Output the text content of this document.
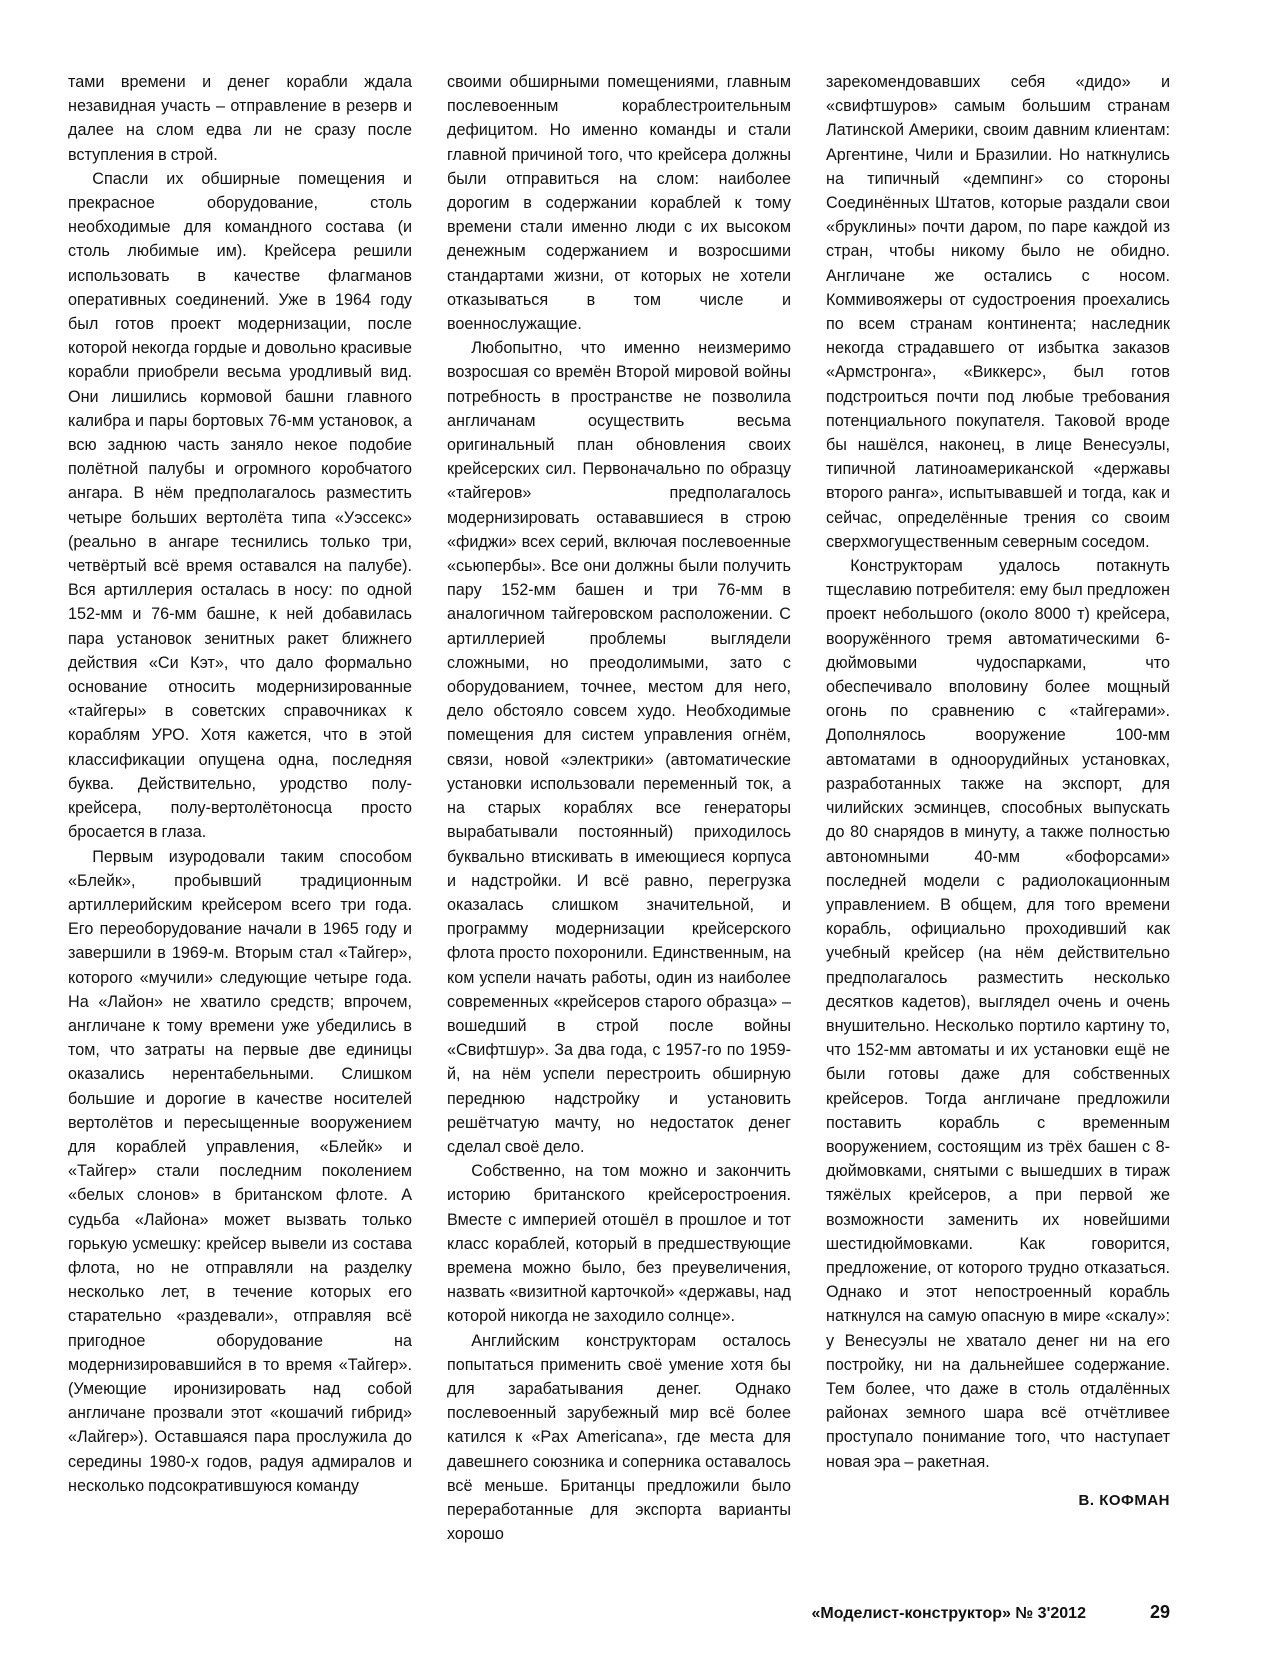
тами времени и денег корабли ждала незавидная участь – отправление в резерв и далее на слом едва ли не сразу после вступления в строй.

Спасли их обширные помещения и прекрасное оборудование, столь необходимые для командного состава (и столь любимые им). Крейсера решили использовать в качестве флагманов оперативных соединений. Уже в 1964 году был готов проект модернизации, после которой некогда гордые и довольно красивые корабли приобрели весьма уродливый вид. Они лишились кормовой башни главного калибра и пары бортовых 76-мм установок, а всю заднюю часть заняло некое подобие полётной палубы и огромного коробчатого ангара. В нём предполагалось разместить четыре больших вертолёта типа «Уэссекс» (реально в ангаре теснились только три, четвёртый всё время оставался на палубе). Вся артиллерия осталась в носу: по одной 152-мм и 76-мм башне, к ней добавилась пара установок зенитных ракет ближнего действия «Си Кэт», что дало формально основание относить модернизированные «тайгеры» в советских справочниках к кораблям УРО. Хотя кажется, что в этой классификации опущена одна, последняя буква. Действительно, уродство полу-крейсера, полу-вертолётоносца просто бросается в глаза.

Первым изуродовали таким способом «Блейк», пробывший традиционным артиллерийским крейсером всего три года. Его переоборудование начали в 1965 году и завершили в 1969-м. Вторым стал «Тайгер», которого «мучили» следующие четыре года. На «Лайон» не хватило средств; впрочем, англичане к тому времени уже убедились в том, что затраты на первые две единицы оказались нерентабельными. Слишком большие и дорогие в качестве носителей вертолётов и пересыщенные вооружением для кораблей управления, «Блейк» и «Тайгер» стали последним поколением «белых слонов» в британском флоте. А судьба «Лайона» может вызвать только горькую усмешку: крейсер вывели из состава флота, но не отправляли на разделку несколько лет, в течение которых его старательно «раздевали», отправляя всё пригодное оборудование на модернизировавшийся в то время «Тайгер». (Умеющие иронизировать над собой англичане прозвали этот «кошачий гибрид» «Лайгер»). Оставшаяся пара прослужила до середины 1980-х годов, радуя адмиралов и несколько подсократившуюся команду

своими обширными помещениями, главным послевоенным кораблестроительным дефицитом. Но именно команды и стали главной причиной того, что крейсера должны были отправиться на слом: наиболее дорогим в содержании кораблей к тому времени стали именно люди с их высоком денежным содержанием и возросшими стандартами жизни, от которых не хотели отказываться в том числе и военнослужащие.

Любопытно, что именно неизмеримо возросшая со времён Второй мировой войны потребность в пространстве не позволила англичанам осуществить весьма оригинальный план обновления своих крейсерских сил. Первоначально по образцу «тайгеров» предполагалось модернизировать остававшиеся в строю «фиджи» всех серий, включая послевоенные «сьюпербы». Все они должны были получить пару 152-мм башен и три 76-мм в аналогичном тайгеровском расположении. С артиллерией проблемы выглядели сложными, но преодолимыми, зато с оборудованием, точнее, местом для него, дело обстояло совсем худо. Необходимые помещения для систем управления огнём, связи, новой «электрики» (автоматические установки использовали переменный ток, а на старых кораблях все генераторы вырабатывали постоянный) приходилось буквально втискивать в имеющиеся корпуса и надстройки. И всё равно, перегрузка оказалась слишком значительной, и программу модернизации крейсерского флота просто похоронили. Единственным, на ком успели начать работы, один из наиболее современных «крейсеров старого образца» – вошедший в строй после войны «Свифтшур». За два года, с 1957-го по 1959-й, на нём успели перестроить обширную переднюю надстройку и установить решётчатую мачту, но недостаток денег сделал своё дело.

Собственно, на том можно и закончить историю британского крейсеростроения. Вместе с империей отошёл в прошлое и тот класс кораблей, который в предшествующие времена можно было, без преувеличения, назвать «визитной карточкой» «державы, над которой никогда не заходило солнце».

Английским конструкторам осталось попытаться применить своё умение хотя бы для зарабатывания денег. Однако послевоенный зарубежный мир всё более катился к «Pax Americana», где места для давешнего союзника и соперника оставалось всё меньше. Британцы предложили было переработанные для экспорта варианты хорошо

зарекомендовавших себя «дидо» и «свифтшуров» самым большим странам Латинской Америки, своим давним клиентам: Аргентине, Чили и Бразилии. Но наткнулись на типичный «демпинг» со стороны Соединённых Штатов, которые раздали свои «бруклины» почти даром, по паре каждой из стран, чтобы никому было не обидно. Англичане же остались с носом. Коммивояжеры от судостроения проехались по всем странам континента; наследник некогда страдавшего от избытка заказов «Армстронга», «Виккерс», был готов подстроиться почти под любые требования потенциального покупателя. Таковой вроде бы нашёлся, наконец, в лице Венесуэлы, типичной латиноамериканской «державы второго ранга», испытывавшей и тогда, как и сейчас, определённые трения со своим сверхмогущественным северным соседом.

Конструкторам удалось потакнуть тщеславию потребителя: ему был предложен проект небольшого (около 8000 т) крейсера, вооружённого тремя автоматическими 6-дюймовыми чудоспарками, что обеспечивало вполовину более мощный огонь по сравнению с «тайгерами». Дополнялось вооружение 100-мм автоматами в одноорудийных установках, разработанных также на экспорт, для чилийских эсминцев, способных выпускать до 80 снарядов в минуту, а также полностью автономными 40-мм «бофорсами» последней модели с радиолокационным управлением. В общем, для того времени корабль, официально проходивший как учебный крейсер (на нём действительно предполагалось разместить несколько десятков кадетов), выглядел очень и очень внушительно. Несколько портило картину то, что 152-мм автоматы и их установки ещё не были готовы даже для собственных крейсеров. Тогда англичане предложили поставить корабль с временным вооружением, состоящим из трёх башен с 8-дюймовками, снятыми с вышедших в тираж тяжёлых крейсеров, а при первой же возможности заменить их новейшими шестидюймовками. Как говорится, предложение, от которого трудно отказаться. Однако и этот непостроенный корабль наткнулся на самую опасную в мире «скалу»: у Венесуэлы не хватало денег ни на его постройку, ни на дальнейшее содержание. Тем более, что даже в столь отдалённых районах земного шара всё отчётливее проступало понимание того, что наступает новая эра – ракетная.

В. КОФМАН
«Моделист-конструктор» № 3'2012	29
